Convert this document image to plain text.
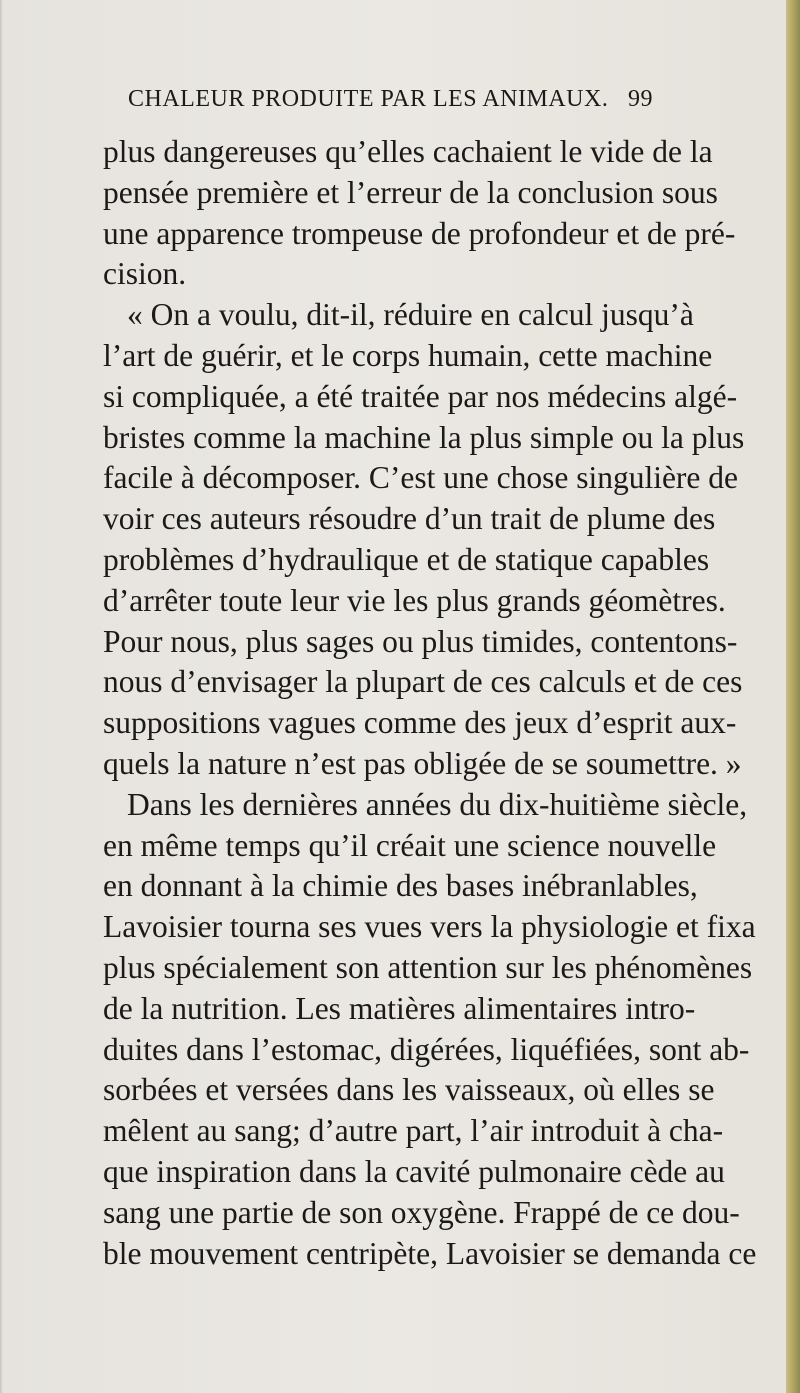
CHALEUR PRODUITE PAR LES ANIMAUX. 99
plus dangereuses qu’elles cachaient le vide de la
pensée première et l’erreur de la conclusion sous
une apparence trompeuse de profondeur et de pré-
cision.
« On a voulu, dit-il, réduire en calcul jusqu’à
l’art de guérir, et le corps humain, cette machine
si compliquée, a été traitée par nos médecins algé-
bristes comme la machine la plus simple ou la plus
facile à décomposer. C’est une chose singulière de
voir ces auteurs résoudre d’un trait de plume des
problèmes d’hydraulique et de statique capables
d’arrêter toute leur vie les plus grands géomètres.
Pour nous, plus sages ou plus timides, contentons-
nous d’envisager la plupart de ces calculs et de ces
suppositions vagues comme des jeux d’esprit aux-
quels la nature n’est pas obligée de se soumettre. »
Dans les dernières années du dix-huitième siècle,
en même temps qu’il créait une science nouvelle
en donnant à la chimie des bases inébranlables,
Lavoisier tourna ses vues vers la physiologie et fixa
plus spécialement son attention sur les phénomènes
de la nutrition. Les matières alimentaires intro-
duites dans l’estomac, digérées, liquéfiées, sont ab-
sorbées et versées dans les vaisseaux, où elles se
mêlent au sang; d’autre part, l’air introduit à cha-
que inspiration dans la cavité pulmonaire cède au
sang une partie de son oxygène. Frappé de ce dou-
ble mouvement centripète, Lavoisier se demanda ce
